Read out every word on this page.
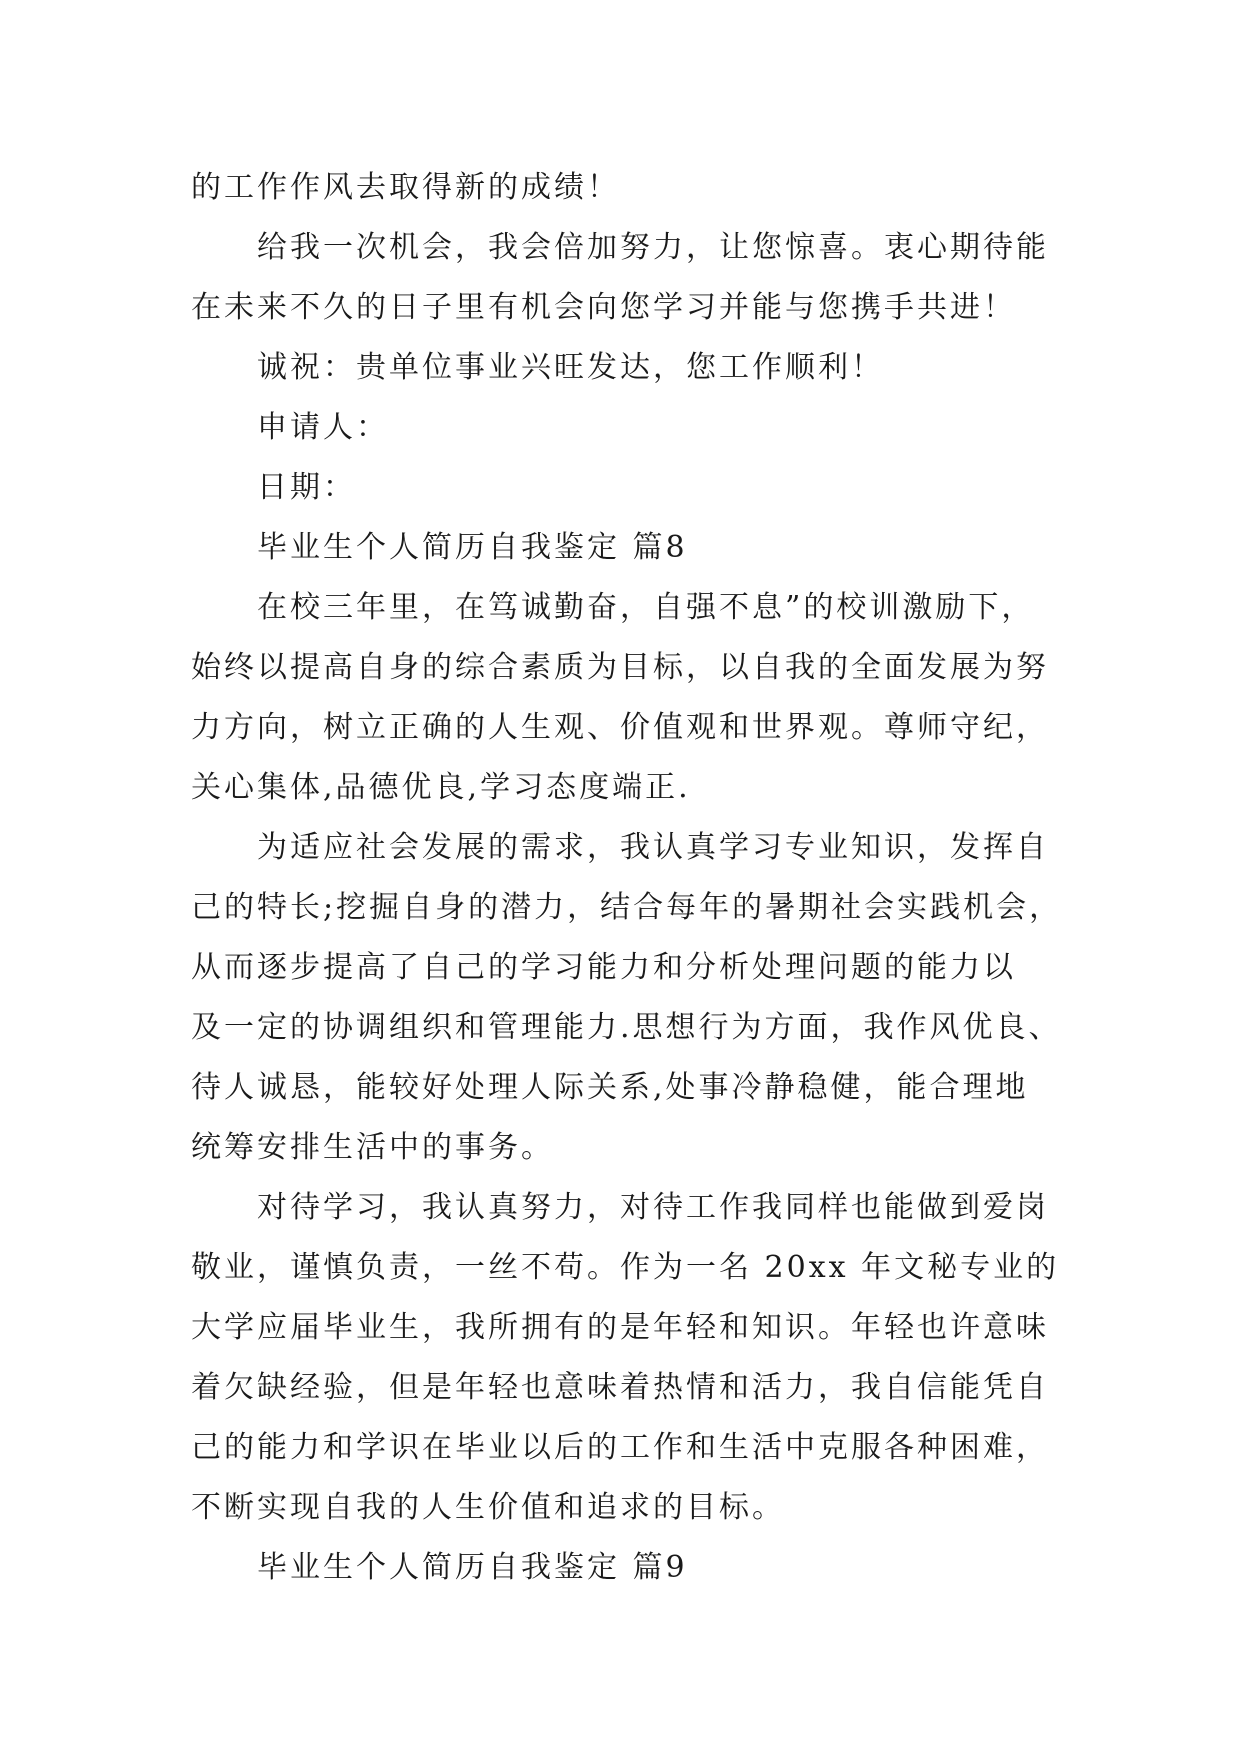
的工作作风去取得新的成绩！
给我一次机会，我会倍加努力，让您惊喜。衷心期待能
在未来不久的日子里有机会向您学习并能与您携手共进！
诚祝：贵单位事业兴旺发达，您工作顺利！
申请人：
日期：
毕业生个人简历自我鉴定 篇8
在校三年里，在笃诚勤奋，自强不息”的校训激励下，
始终以提高自身的综合素质为目标，以自我的全面发展为努
力方向，树立正确的人生观、价值观和世界观。尊师守纪，
关心集体,品德优良,学习态度端正.
为适应社会发展的需求，我认真学习专业知识，发挥自
己的特长;挖掘自身的潜力，结合每年的暑期社会实践机会，
从而逐步提高了自己的学习能力和分析处理问题的能力以
及一定的协调组织和管理能力.思想行为方面，我作风优良、
待人诚恳，能较好处理人际关系,处事冷静稳健，能合理地
统筹安排生活中的事务。
对待学习，我认真努力，对待工作我同样也能做到爱岗
敬业，谨慎负责，一丝不苟。作为一名 20xx 年文秘专业的
大学应届毕业生，我所拥有的是年轻和知识。年轻也许意味
着欠缺经验，但是年轻也意味着热情和活力，我自信能凭自
己的能力和学识在毕业以后的工作和生活中克服各种困难，
不断实现自我的人生价值和追求的目标。
毕业生个人简历自我鉴定 篇9
